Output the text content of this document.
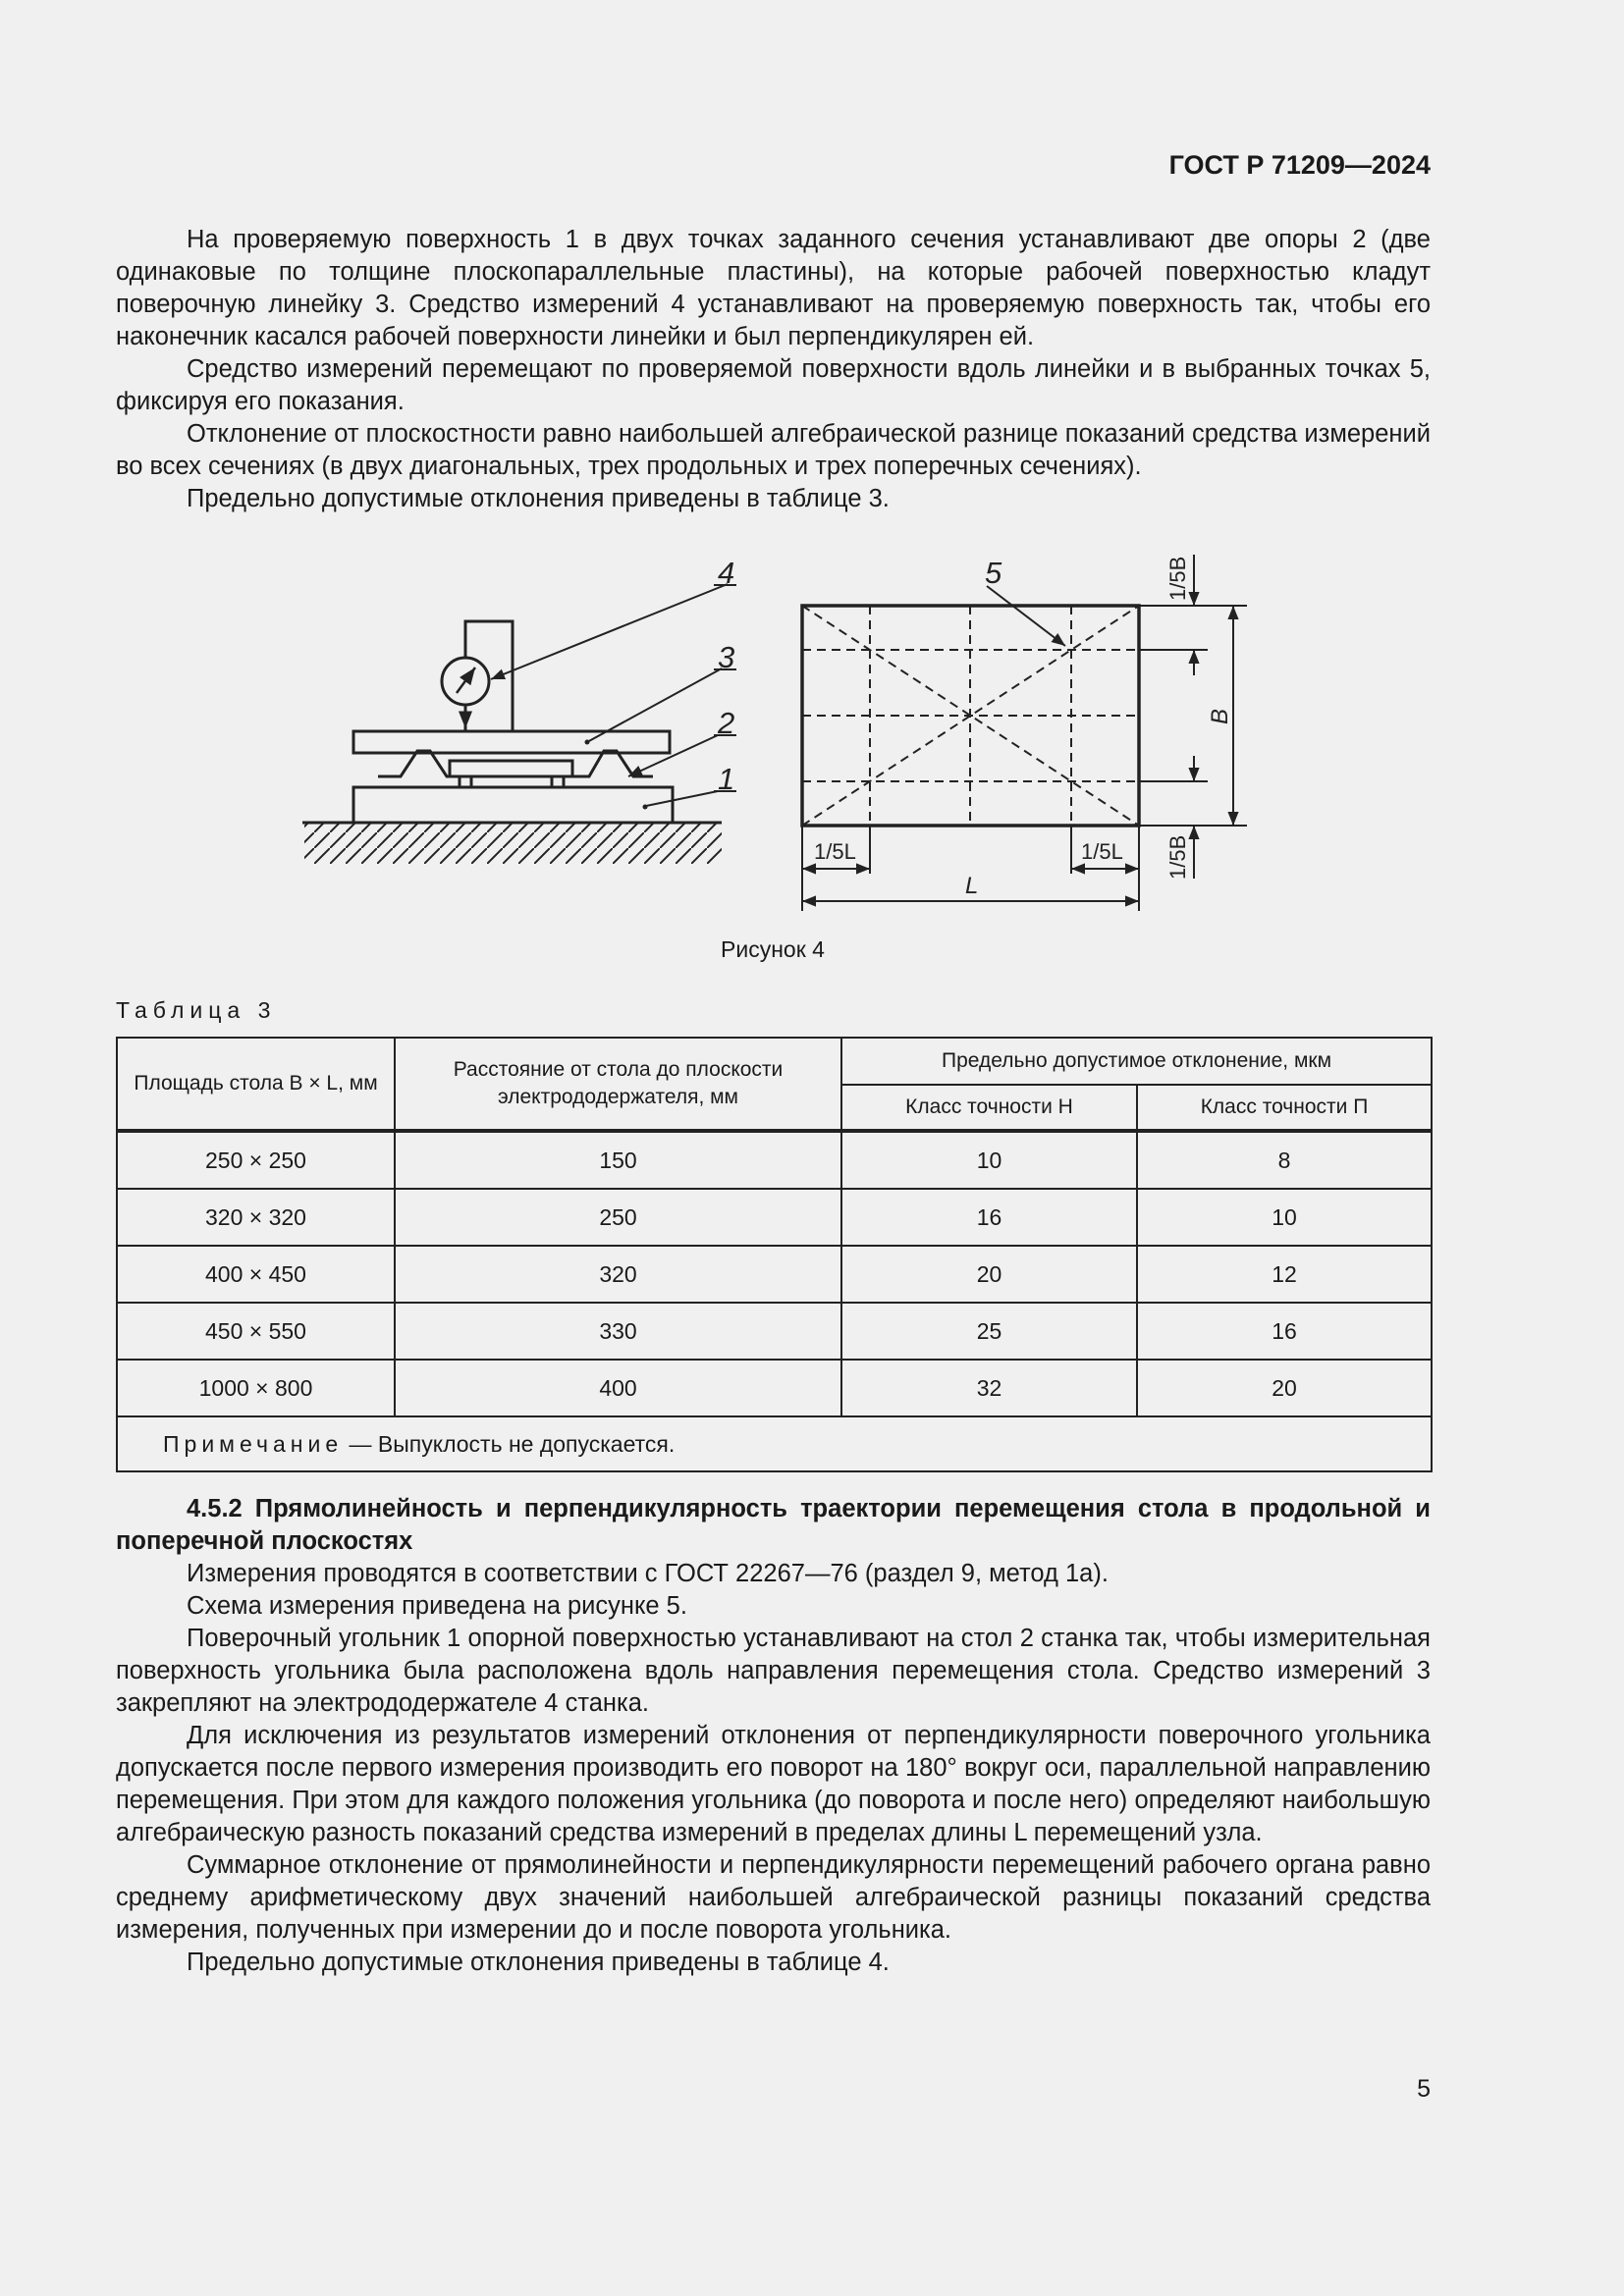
ГОСТ Р 71209—2024

На проверяемую поверхность 1 в двух точках заданного сечения устанавливают две опоры 2 (две одинаковые по толщине плоскопараллельные пластины), на которые рабочей поверхностью кладут поверочную линейку 3. Средство измерений 4 устанавливают на проверяемую поверхность так, чтобы его наконечник касался рабочей поверхности линейки и был перпендикулярен ей.

Средство измерений перемещают по проверяемой поверхности вдоль линейки и в выбранных точках 5, фиксируя его показания.

Отклонение от плоскостности равно наибольшей алгебраической разнице показаний средства измерений во всех сечениях (в двух диагональных, трех продольных и трех поперечных сечениях).

Предельно допустимые отклонения приведены в таблице 3.

4
3
2
1
5	1/5B
1/5B
B
1/5L	1/5L
L
Рисунок 4
Таблица 3
Площадь стола B × L, мм	Расстояние от стола до плоскости электрододержателя, мм	Предельно допустимое отклонение, мкм	
		Класс точности Н	Класс точности П
250 × 250	150	10	8
320 × 320	250	16	10
400 × 450	320	20	12
450 × 550	330	25	16
1000 × 800	400	32	20
Примечание — Выпуклость не допускается.			

4.5.2 Прямолинейность и перпендикулярность траектории перемещения стола в продольной и поперечной плоскостях

Измерения проводятся в соответствии с ГОСТ 22267—76 (раздел 9, метод 1а).

Схема измерения приведена на рисунке 5.

Поверочный угольник 1 опорной поверхностью устанавливают на стол 2 станка так, чтобы измерительная поверхность угольника была расположена вдоль направления перемещения стола. Средство измерений 3 закрепляют на электрододержателе 4 станка.

Для исключения из результатов измерений отклонения от перпендикулярности поверочного угольника допускается после первого измерения производить его поворот на 180° вокруг оси, параллельной направлению перемещения. При этом для каждого положения угольника (до поворота и после него) определяют наибольшую алгебраическую разность показаний средства измерений в пределах длины L перемещений узла.

Суммарное отклонение от прямолинейности и перпендикулярности перемещений рабочего органа равно среднему арифметическому двух значений наибольшей алгебраической разницы показаний средства измерения, полученных при измерении до и после поворота угольника.

Предельно допустимые отклонения приведены в таблице 4.

5
